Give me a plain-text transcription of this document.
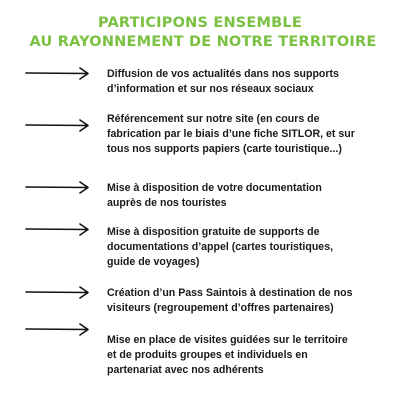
PARTICIPONS ENSEMBLE
AU RAYONNEMENT DE NOTRE TERRITOIRE
Diffusion de vos actualités dans nos supports
d’information et sur nos réseaux sociaux
Référencement sur notre site (en cours de
fabrication par le biais d’une fiche SITLOR, et sur
tous nos supports papiers (carte touristique...)
Mise à disposition de votre documentation
auprès de nos touristes
Mise à disposition gratuite de supports de
documentations d’appel (cartes touristiques,
guide de voyages)
Création d’un Pass Saintois à destination de nos
visiteurs (regroupement d’offres partenaires)
Mise en place de visites guidées sur le territoire
et de produits groupes et individuels en
partenariat avec nos adhérents
